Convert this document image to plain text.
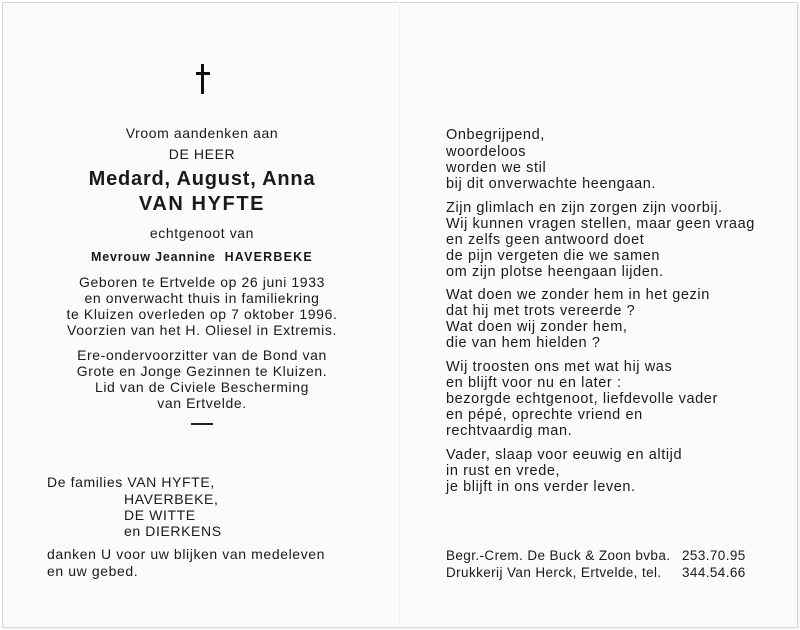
Vroom aandenken aan
DE HEER
Medard, August, Anna
VAN HYFTE
echtgenoot van
Mevrouw Jeannine HAVERBEKE
Geboren te Ertvelde op 26 juni 1933
en onverwacht thuis in familiekring
te Kluizen overleden op 7 oktober 1996.
Voorzien van het H. Oliesel in Extremis.
Ere-ondervoorzitter van de Bond van
Grote en Jonge Gezinnen te Kluizen.
Lid van de Civiele Bescherming
van Ertvelde.
De families VAN HYFTE,
HAVERBEKE,
DE WITTE
en DIERKENS
danken U voor uw blijken van medeleven
en uw gebed.
Onbegrijpend,
woordeloos
worden we stil
bij dit onverwachte heengaan.
Zijn glimlach en zijn zorgen zijn voorbij.
Wij kunnen vragen stellen, maar geen vraag
en zelfs geen antwoord doet
de pijn vergeten die we samen
om zijn plotse heengaan lijden.
Wat doen we zonder hem in het gezin
dat hij met trots vereerde ?
Wat doen wij zonder hem,
die van hem hielden ?
Wij troosten ons met wat hij was
en blijft voor nu en later :
bezorgde echtgenoot, liefdevolle vader
en pépé, oprechte vriend en
rechtvaardig man.
Vader, slaap voor eeuwig en altijd
in rust en vrede,
je blijft in ons verder leven.
Begr.-Crem. De Buck & Zoon bvba. 253.70.95
Drukkerij Van Herck, Ertvelde, tel. 344.54.66
